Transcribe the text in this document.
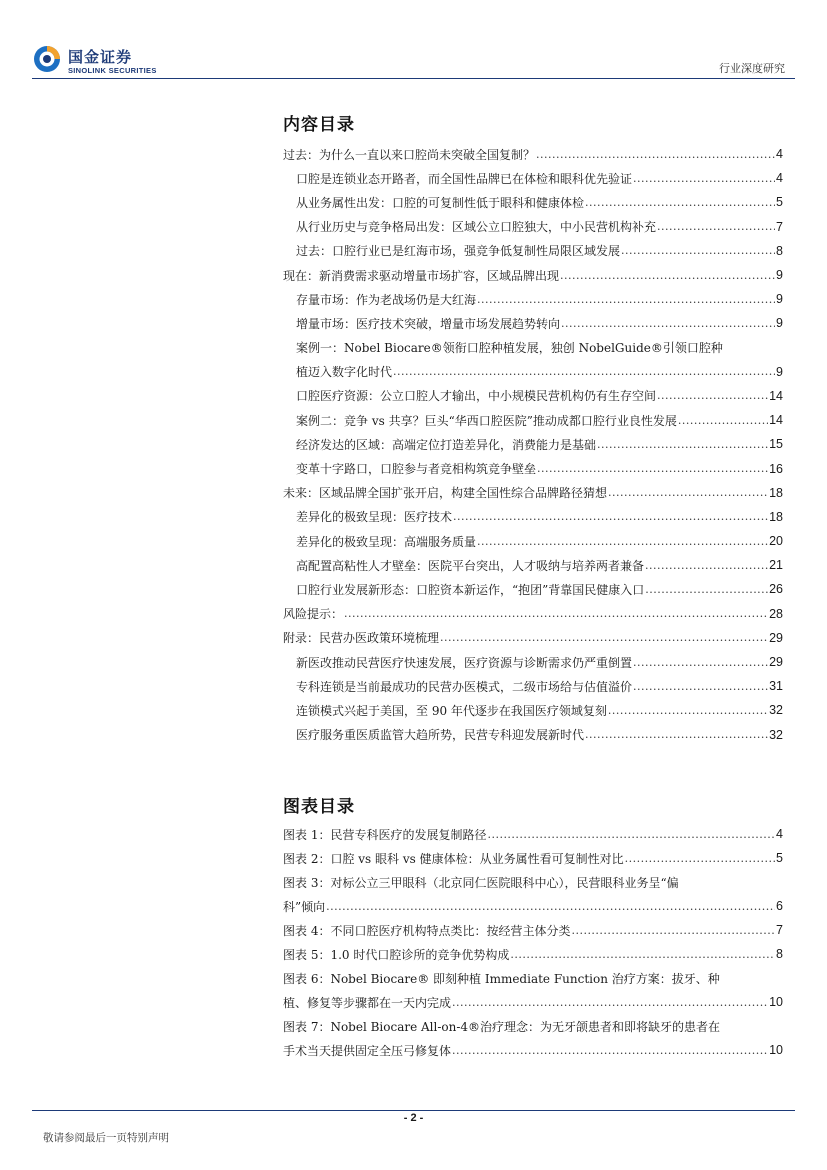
国金证券
SINOLINK SECURITIES	行业深度研究
内容目录
过去：为什么一直以来口腔尚未突破全国复制？ .....	4
口腔是连锁业态开路者，而全国性品牌已在体检和眼科优先验证 .....	4
从业务属性出发：口腔的可复制性低于眼科和健康体检 .....	5
从行业历史与竞争格局出发：区域公立口腔独大，中小民营机构补充 .....	7
过去：口腔行业已是红海市场，强竞争低复制性局限区域发展 .....	8
现在：新消费需求驱动增量市场扩容，区域品牌出现 .....	9
存量市场：作为老战场仍是大红海 .....	9
增量市场：医疗技术突破，增量市场发展趋势转向 .....	9
案例一：Nobel Biocare®领衔口腔种植发展，独创 NobelGuide®引领口腔种
植迈入数字化时代 .....	9
口腔医疗资源：公立口腔人才输出，中小规模民营机构仍有生存空间 .....	14
案例二：竞争 vs 共享？巨头“华西口腔医院”推动成都口腔行业良性发展 .....	14
经济发达的区域：高端定位打造差异化，消费能力是基础 .....	15
变革十字路口，口腔参与者竞相构筑竞争壁垒 .....	16
未来：区域品牌全国扩张开启，构建全国性综合品牌路径猜想 .....	18
差异化的极致呈现：医疗技术 .....	18
差异化的极致呈现：高端服务质量 .....	20
高配置高粘性人才壁垒：医院平台突出，人才吸纳与培养两者兼备 .....	21
口腔行业发展新形态：口腔资本新运作，“抱团”背靠国民健康入口 .....	26
风险提示： .....	28
附录：民营办医政策环境梳理 .....	29
新医改推动民营医疗快速发展，医疗资源与诊断需求仍严重倒置 .....	29
专科连锁是当前最成功的民营办医模式，二级市场给与估值溢价 .....	31
连锁模式兴起于美国，至 90 年代逐步在我国医疗领域复刻 .....	32
医疗服务重医质监管大趋所势，民营专科迎发展新时代 .....	32
图表目录
图表 1：民营专科医疗的发展复制路径 .....	4
图表 2：口腔 vs 眼科 vs 健康体检：从业务属性看可复制性对比 .....	5
图表 3：对标公立三甲眼科（北京同仁医院眼科中心），民营眼科业务呈“偏
科”倾向 .....	6
图表 4：不同口腔医疗机构特点类比：按经营主体分类 .....	7
图表 5：1.0 时代口腔诊所的竞争优势构成 .....	8
图表 6：Nobel Biocare® 即刻种植 Immediate Function 治疗方案：拔牙、种
植、修复等步骤都在一天内完成 .....	10
图表 7：Nobel Biocare All-on-4®治疗理念：为无牙颌患者和即将缺牙的患者在
手术当天提供固定全压弓修复体 .....	10
- 2 -
敬请参阅最后一页特别声明
